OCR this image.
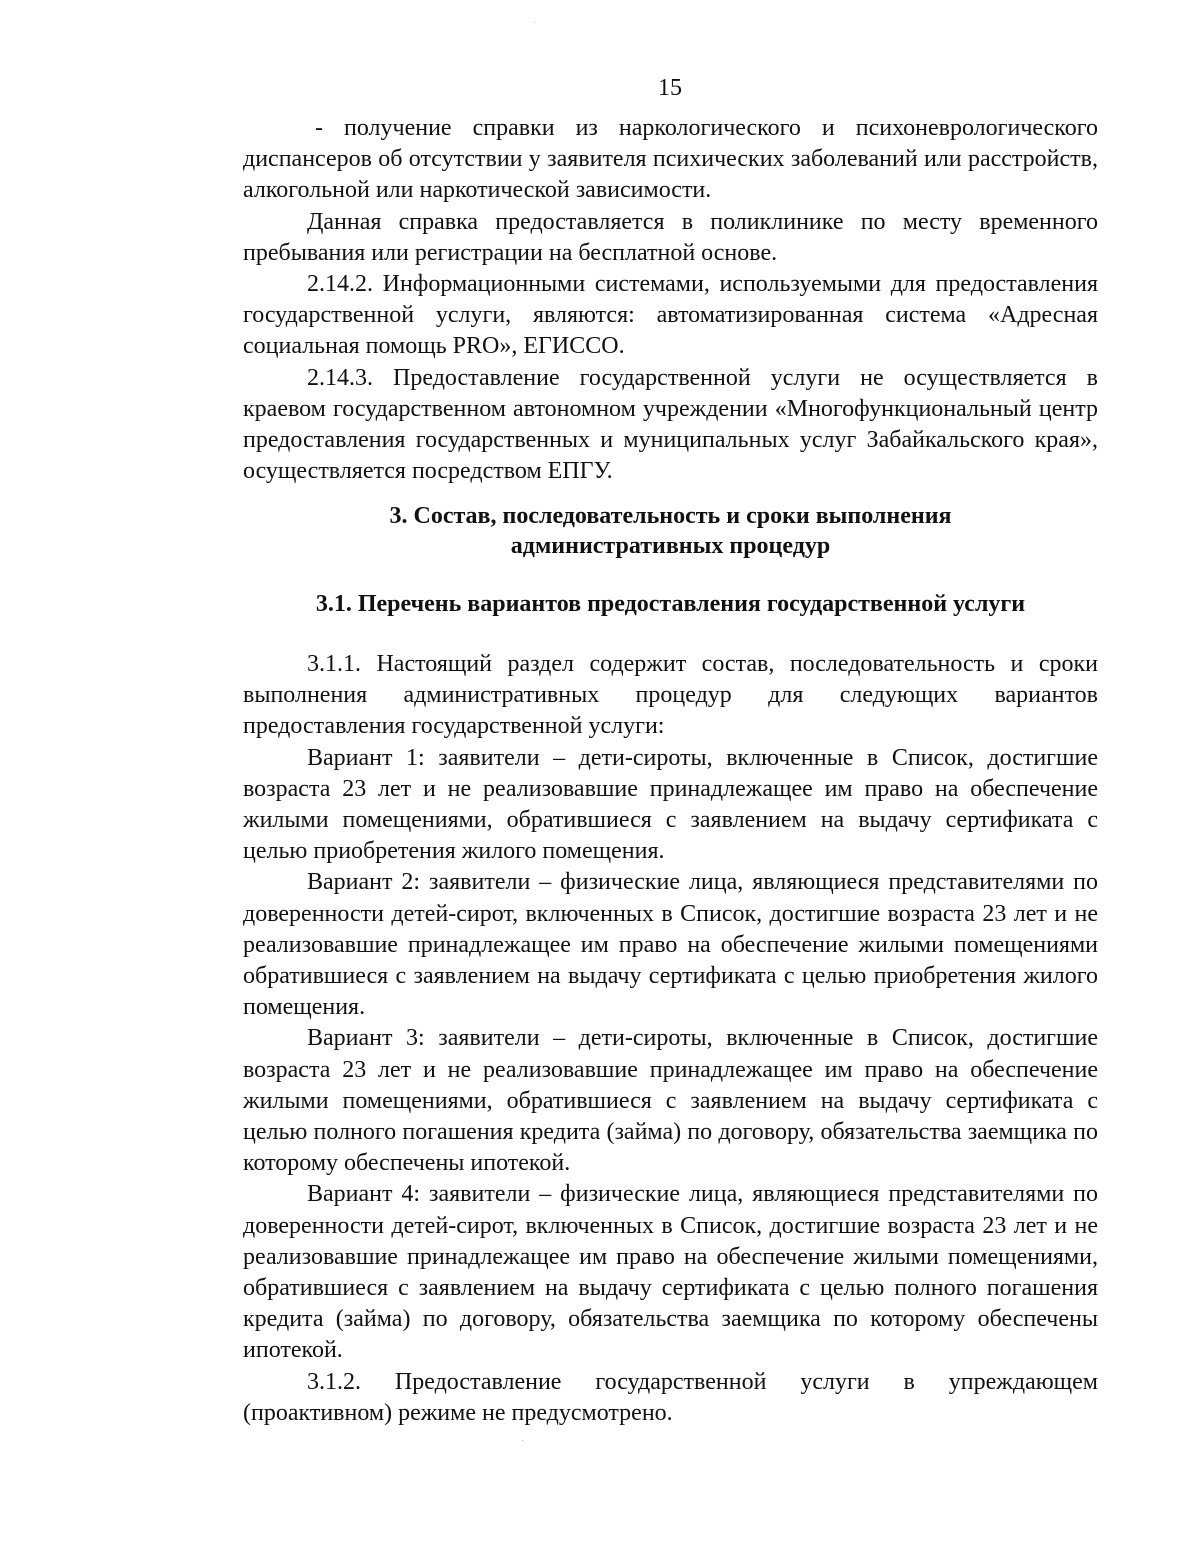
15

- получение справки из наркологического и психоневрологического диспансеров об отсутствии у заявителя психических заболеваний или расстройств, алкогольной или наркотической зависимости.

Данная справка предоставляется в поликлинике по месту временного пребывания или регистрации на бесплатной основе.

2.14.2. Информационными системами, используемыми для предоставления государственной услуги, являются: автоматизированная система «Адресная социальная помощь PRO», ЕГИССО.

2.14.3. Предоставление государственной услуги не осуществляется в краевом государственном автономном учреждении «Многофункциональный центр предоставления государственных и муниципальных услуг Забайкальского края», осуществляется посредством ЕПГУ.

3. Состав, последовательность и сроки выполнения
административных процедур
3.1. Перечень вариантов предоставления государственной услуги

3.1.1. Настоящий раздел содержит состав, последовательность и сроки выполнения административных процедур для следующих вариантов предоставления государственной услуги:

Вариант 1: заявители – дети-сироты, включенные в Список, достигшие возраста 23 лет и не реализовавшие принадлежащее им право на обеспечение жилыми помещениями, обратившиеся с заявлением на выдачу сертификата с целью приобретения жилого помещения.

Вариант 2: заявители – физические лица, являющиеся представителями по доверенности детей-сирот, включенных в Список, достигшие возраста 23 лет и не реализовавшие принадлежащее им право на обеспечение жилыми помещениями обратившиеся с заявлением на выдачу сертификата с целью приобретения жилого помещения.

Вариант 3: заявители – дети-сироты, включенные в Список, достигшие возраста 23 лет и не реализовавшие принадлежащее им право на обеспечение жилыми помещениями, обратившиеся с заявлением на выдачу сертификата с целью полного погашения кредита (займа) по договору, обязательства заемщика по которому обеспечены ипотекой.

Вариант 4: заявители – физические лица, являющиеся представителями по доверенности детей-сирот, включенных в Список, достигшие возраста 23 лет и не реализовавшие принадлежащее им право на обеспечение жилыми помещениями, обратившиеся с заявлением на выдачу сертификата с целью полного погашения кредита (займа) по договору, обязательства заемщика по которому обеспечены ипотекой.

3.1.2. Предоставление государственной услуги в упреждающем (проактивном) режиме не предусмотрено.
